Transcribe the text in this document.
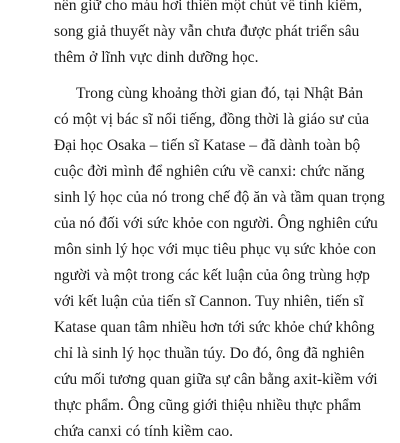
nên giữ cho máu hơi thiên một chút về tính kiềm,
song giả thuyết này vẫn chưa được phát triển sâu
thêm ở lĩnh vực dinh dưỡng học.
Trong cùng khoảng thời gian đó, tại Nhật Bản
có một vị bác sĩ nổi tiếng, đồng thời là giáo sư của
Đại học Osaka – tiến sĩ Katase – đã dành toàn bộ
cuộc đời mình để nghiên cứu về canxi: chức năng
sinh lý học của nó trong chế độ ăn và tầm quan trọng
của nó đối với sức khỏe con người. Ông nghiên cứu
môn sinh lý học với mục tiêu phục vụ sức khỏe con
người và một trong các kết luận của ông trùng hợp
với kết luận của tiến sĩ Cannon. Tuy nhiên, tiến sĩ
Katase quan tâm nhiều hơn tới sức khỏe chứ không
chỉ là sinh lý học thuần túy. Do đó, ông đã nghiên
cứu mối tương quan giữa sự cân bằng axit-kiềm với
thực phẩm. Ông cũng giới thiệu nhiều thực phẩm
chứa canxi có tính kiềm cao.
